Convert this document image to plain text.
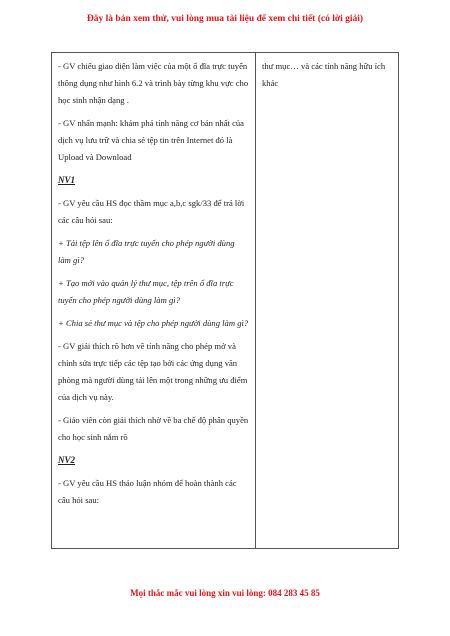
Đây là bản xem thử, vui lòng mua tài liệu để xem chi tiết (có lời giải)

- GV chiếu giao diện làm việc của một ổ đĩa trực tuyến thông dụng như hình 6.2 và trình bày từng khu vực cho học sinh nhận dạng .

- GV nhấn mạnh: khám phá tính năng cơ bản nhất của dịch vụ lưu trữ và chia sẻ tệp tin trên Internet đó là Upload và Download

NV1

- GV yêu cầu HS đọc thầm mục a,b,c sgk/33 để trả lời các câu hỏi sau:

+ Tải tệp lên ổ đĩa trực tuyến cho phép người dùng làm gì?

+ Tạo mới vào quản lý thư mục, tệp trên ổ đĩa trực tuyến cho phép người dùng làm gì?

+ Chia sẻ thư mục và tệp cho phép người dùng làm gì?

- GV giải thích rõ hơn về tính năng cho phép mở và chỉnh sửa trực tiếp các tệp tạo bởi các ứng dụng văn phòng mà người dùng tải lên một trong những ưu điểm của dịch vụ này.

- Giáo viên còn giải thích nhờ về ba chế độ phân quyền cho học sinh nắm rõ

NV2

- GV yêu cầu HS thảo luận nhóm để hoàn thành các câu hỏi sau:

thư mục… và các tính năng hữu ích khác

Mọi thắc mắc vui lòng xin vui lòng: 084 283 45 85
